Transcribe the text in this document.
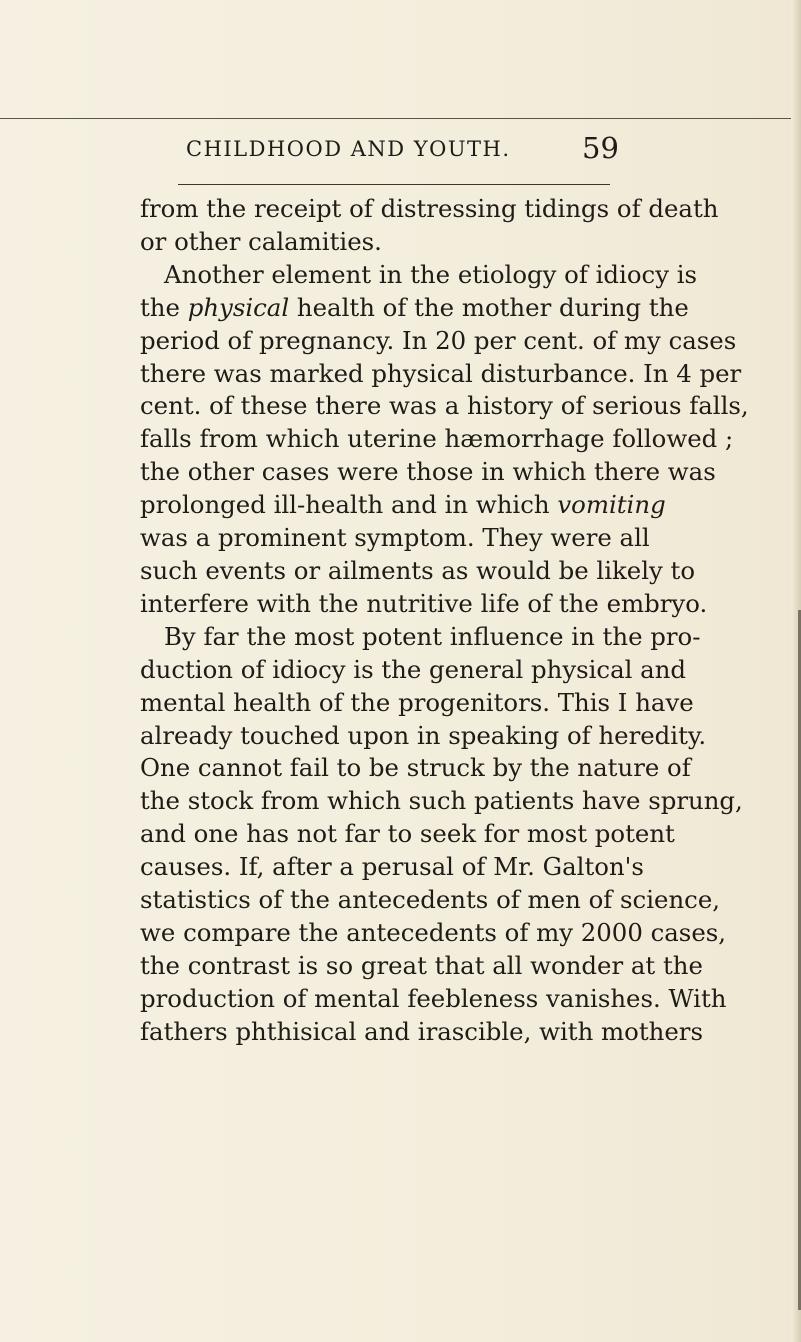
CHILDHOOD AND YOUTH. 59
from the receipt of distressing tidings of death
or other calamities.
Another element in the etiology of idiocy is
the physical health of the mother during the
period of pregnancy. In 20 per cent. of my cases
there was marked physical disturbance. In 4 per
cent. of these there was a history of serious falls,
falls from which uterine hæmorrhage followed ;
the other cases were those in which there was
prolonged ill-health and in which vomiting
was a prominent symptom. They were all
such events or ailments as would be likely to
interfere with the nutritive life of the embryo.
By far the most potent influence in the pro-
duction of idiocy is the general physical and
mental health of the progenitors. This I have
already touched upon in speaking of heredity.
One cannot fail to be struck by the nature of
the stock from which such patients have sprung,
and one has not far to seek for most potent
causes. If, after a perusal of Mr. Galton's
statistics of the antecedents of men of science,
we compare the antecedents of my 2000 cases,
the contrast is so great that all wonder at the
production of mental feebleness vanishes. With
fathers phthisical and irascible, with mothers
